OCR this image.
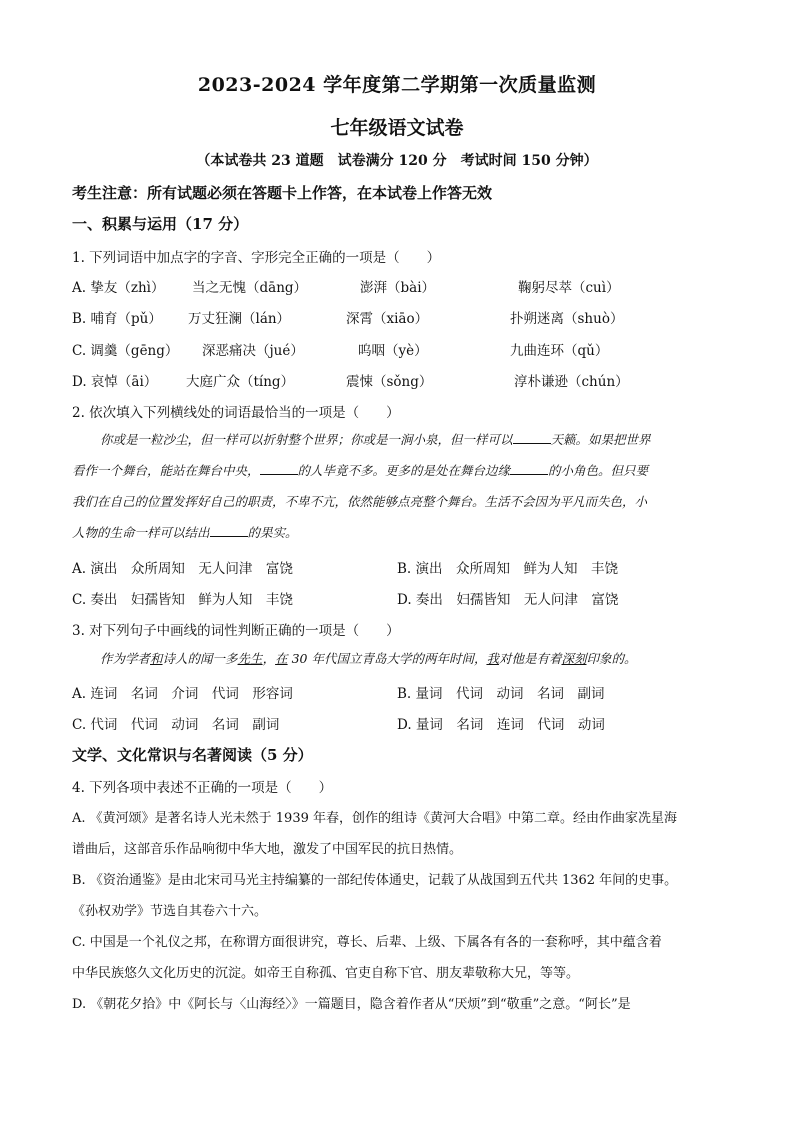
2023-2024 学年度第二学期第一次质量监测
七年级语文试卷
（本试卷共 23 道题　试卷满分 120 分　考试时间 150 分钟）
考生注意：所有试题必须在答题卡上作答，在本试卷上作答无效
一、积累与运用（17 分）
1. 下列词语中加点字的字音、字形完全正确的一项是（　　）
A. 挚友（zhì） 当之无愧（dāng）	澎湃（bài）	鞠躬尽萃（cuì）
B. 哺育（pǔ） 万丈狂澜（lán）	深霄（xiāo）	扑朔迷离（shuò）
C. 调羹（gēng） 深恶痛决（jué）	呜咽（yè）	九曲连环（qǔ）
D. 哀悼（āi） 大庭广众（tíng）	震悚（sǒng）	淳朴谦逊（chún）
2. 依次填入下列横线处的词语最恰当的一项是（　　）
你或是一粒沙尘，但一样可以折射整个世界；你或是一涧小泉，但一样可以	天籁。如果把世界
看作一个舞台，能站在舞台中央，	的人毕竟不多。更多的是处在舞台边缘	的小角色。但只要
我们在自己的位置发挥好自己的职责，不卑不亢，依然能够点亮整个舞台。生活不会因为平凡而失色，小
人物的生命一样可以结出	的果实。
A. 演出　众所周知　无人问津　富饶	B. 演出　众所周知　鲜为人知　丰饶
C. 奏出　妇孺皆知　鲜为人知　丰饶	D. 奏出　妇孺皆知　无人问津　富饶
3. 对下列句子中画线的词性判断正确的一项是（　　）
作为学者和诗人的闻一多先生，在 30 年代国立青岛大学的两年时间，我对他是有着深刻印象的。
A. 连词　名词　介词　代词　形容词	B. 量词　代词　动词　名词　副词
C. 代词　代词　动词　名词　副词	D. 量词　名词　连词　代词　动词
文学、文化常识与名著阅读（5 分）
4. 下列各项中表述不正确的一项是（　　）
A. 《黄河颂》是著名诗人光未然于 1939 年春，创作的组诗《黄河大合唱》中第二章。经由作曲家冼星海
谱曲后，这部音乐作品响彻中华大地，激发了中国军民的抗日热情。
B. 《资治通鉴》是由北宋司马光主持编纂的一部纪传体通史，记载了从战国到五代共 1362 年间的史事。
《孙权劝学》节选自其卷六十六。
C. 中国是一个礼仪之邦，在称谓方面很讲究，尊长、后辈、上级、下属各有各的一套称呼，其中蕴含着
中华民族悠久文化历史的沉淀。如帝王自称孤、官吏自称下官、朋友辈敬称大兄，等等。
D. 《朝花夕拾》中《阿长与〈山海经〉》一篇题目，隐含着作者从“厌烦”到“敬重”之意。“阿长”是
